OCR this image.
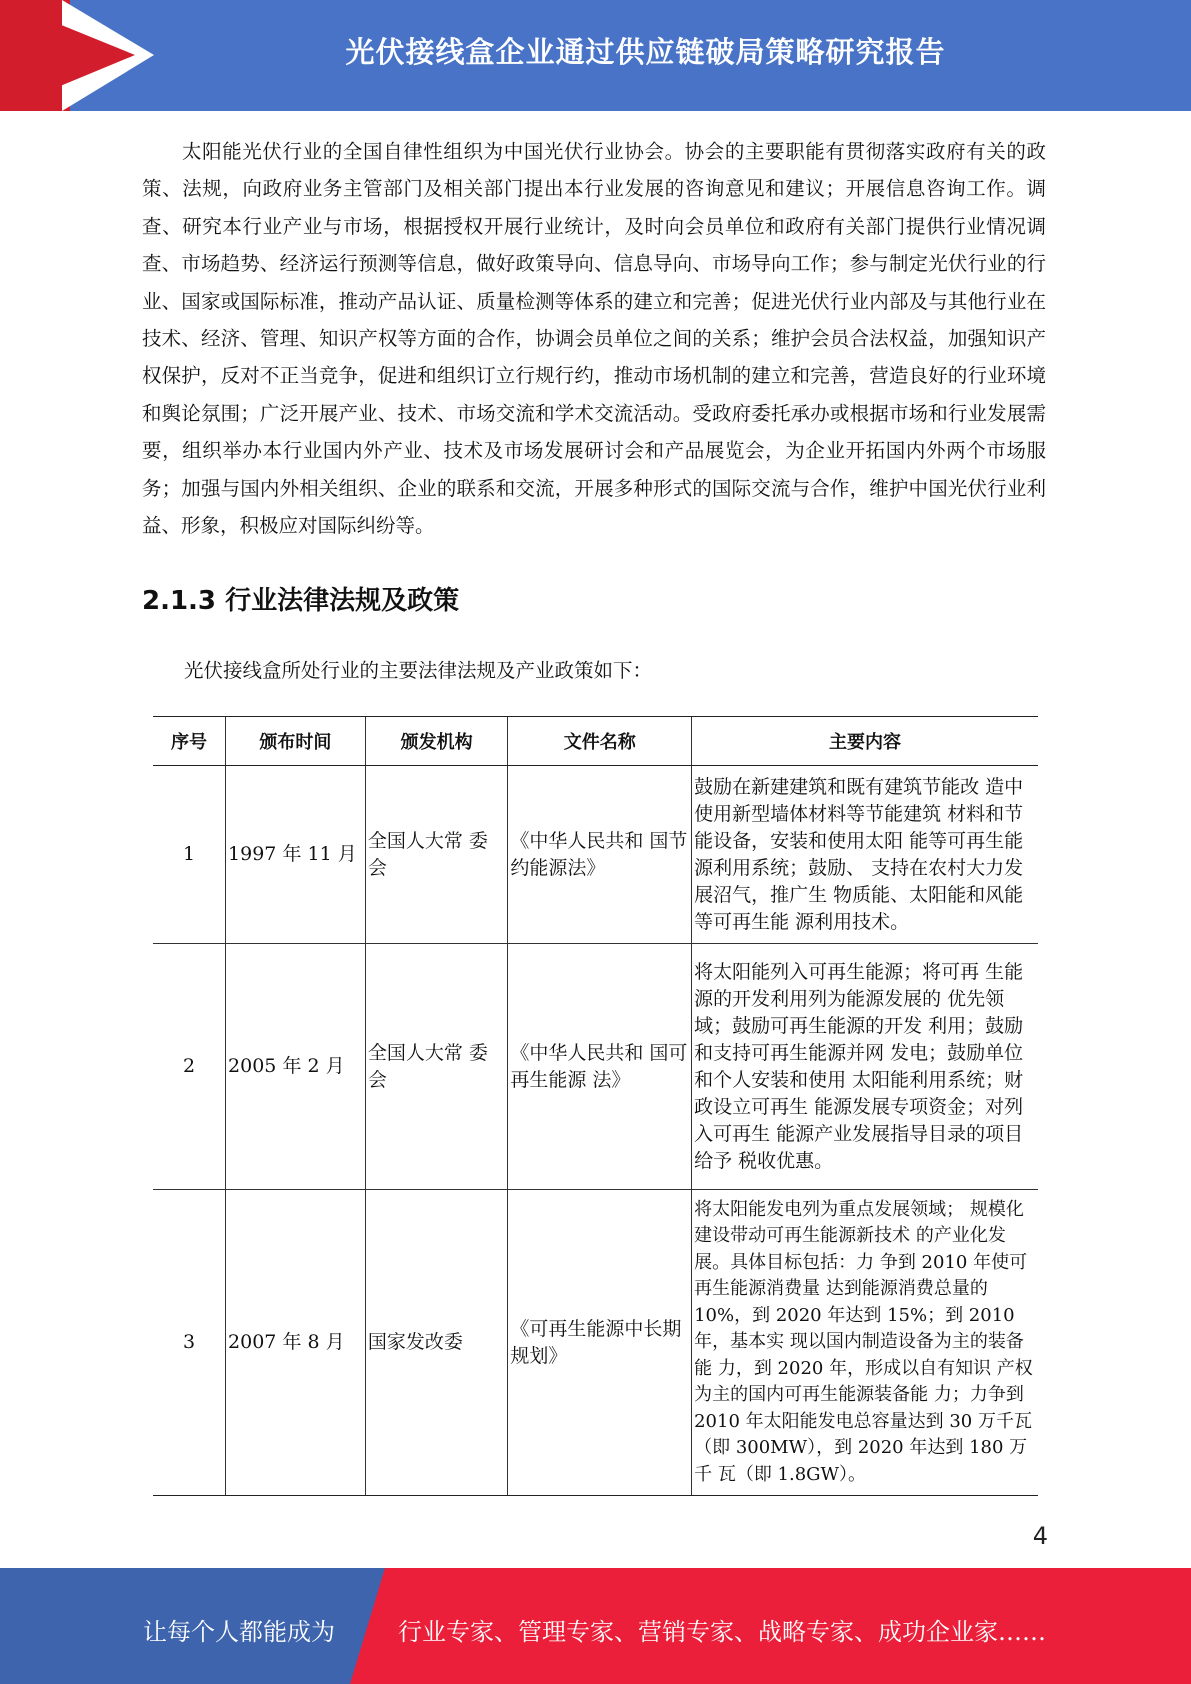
光伏接线盒企业通过供应链破局策略研究报告

太阳能光伏行业的全国自律性组织为中国光伏行业协会。协会的主要职能有贯彻落实政府有关的政策、法规，向政府业务主管部门及相关部门提出本行业发展的咨询意见和建议；开展信息咨询工作。调查、研究本行业产业与市场，根据授权开展行业统计，及时向会员单位和政府有关部门提供行业情况调查、市场趋势、经济运行预测等信息，做好政策导向、信息导向、市场导向工作；参与制定光伏行业的行业、国家或国际标准，推动产品认证、质量检测等体系的建立和完善；促进光伏行业内部及与其他行业在技术、经济、管理、知识产权等方面的合作，协调会员单位之间的关系；维护会员合法权益，加强知识产权保护，反对不正当竞争，促进和组织订立行规行约，推动市场机制的建立和完善，营造良好的行业环境和舆论氛围；广泛开展产业、技术、市场交流和学术交流活动。受政府委托承办或根据市场和行业发展需要，组织举办本行业国内外产业、技术及市场发展研讨会和产品展览会，为企业开拓国内外两个市场服务；加强与国内外相关组织、企业的联系和交流，开展多种形式的国际交流与合作，维护中国光伏行业利益、形象，积极应对国际纠纷等。

2.1.3 行业法律法规及政策

光伏接线盒所处行业的主要法律法规及产业政策如下：

序号	颁布时间	颁发机构	文件名称	主要内容
1	1997 年 11 月	全国人大常 委会	《中华人民共和 国节约能源法》	鼓励在新建建筑和既有建筑节能改 造中使用新型墙体材料等节能建筑 材料和节能设备，安装和使用太阳 能等可再生能源利用系统；鼓励、 支持在农村大力发展沼气，推广生 物质能、太阳能和风能等可再生能 源利用技术。
2	2005 年 2 月	全国人大常 委会	《中华人民共和 国可再生能源 法》	将太阳能列入可再生能源；将可再 生能源的开发利用列为能源发展的 优先领域；鼓励可再生能源的开发 利用；鼓励和支持可再生能源并网 发电；鼓励单位和个人安装和使用 太阳能利用系统；财政设立可再生 能源发展专项资金；对列入可再生 能源产业发展指导目录的项目给予 税收优惠。
3	2007 年 8 月	国家发改委	《可再生能源中长期规划》	将太阳能发电列为重点发展领域； 规模化建设带动可再生能源新技术 的产业化发展。具体目标包括：力 争到 2010 年使可再生能源消费量 达到能源消费总量的 10%，到 2020 年达到 15%；到 2010 年，基本实 现以国内制造设备为主的装备能 力，到 2020 年，形成以自有知识 产权为主的国内可再生能源装备能 力；力争到 2010 年太阳能发电总容量达到 30 万千瓦（即 300MW），到 2020 年达到 180 万千 瓦（即 1.8GW）。
4
让每个人都能成为	行业专家、管理专家、营销专家、战略专家、成功企业家……
